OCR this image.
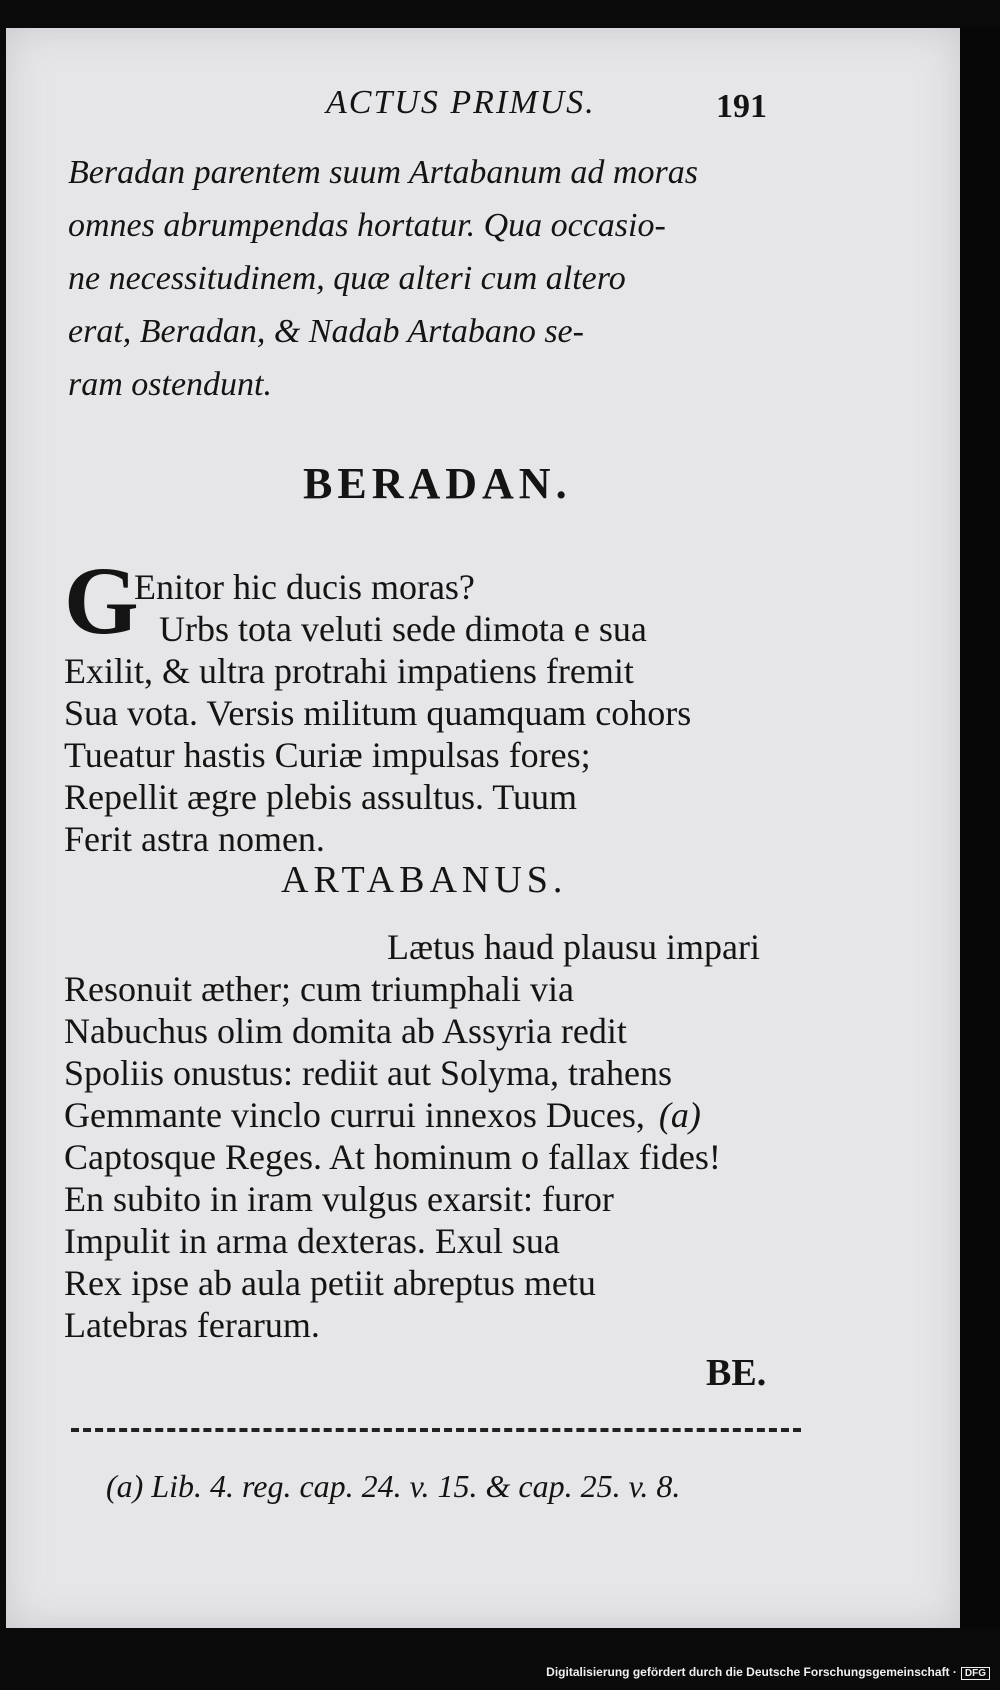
ACTUS PRIMUS.	191
Beradan parentem suum Artabanum ad moras
omnes abrumpendas hortatur. Qua occasio-
ne necessitudinem, quæ alteri cum altero
erat, Beradan, & Nadab Artabano se-
ram ostendunt.
BERADAN.
G
Enitor hic ducis moras?
Urbs tota veluti sede dimota e sua
Exilit, & ultra protrahi impatiens fremit
Sua vota. Versis militum quamquam cohors
Tueatur hastis Curiæ impulsas fores;
Repellit ægre plebis assultus. Tuum
Ferit astra nomen.
ARTABANUS.
Lætus haud plausu impari
Resonuit æther; cum triumphali via
Nabuchus olim domita ab Assyria redit
Spoliis onustus: rediit aut Solyma, trahens
Gemmante vinclo currui innexos Duces, (a)
Captosque Reges. At hominum o fallax fides!
En subito in iram vulgus exarsit: furor
Impulit in arma dexteras. Exul sua
Rex ipse ab aula petiit abreptus metu
Latebras ferarum.
BE.
(a) Lib. 4. reg. cap. 24. v. 15. & cap. 25. v. 8.
Digitalisierung gefördert durch die Deutsche Forschungsgemeinschaft · DFG
